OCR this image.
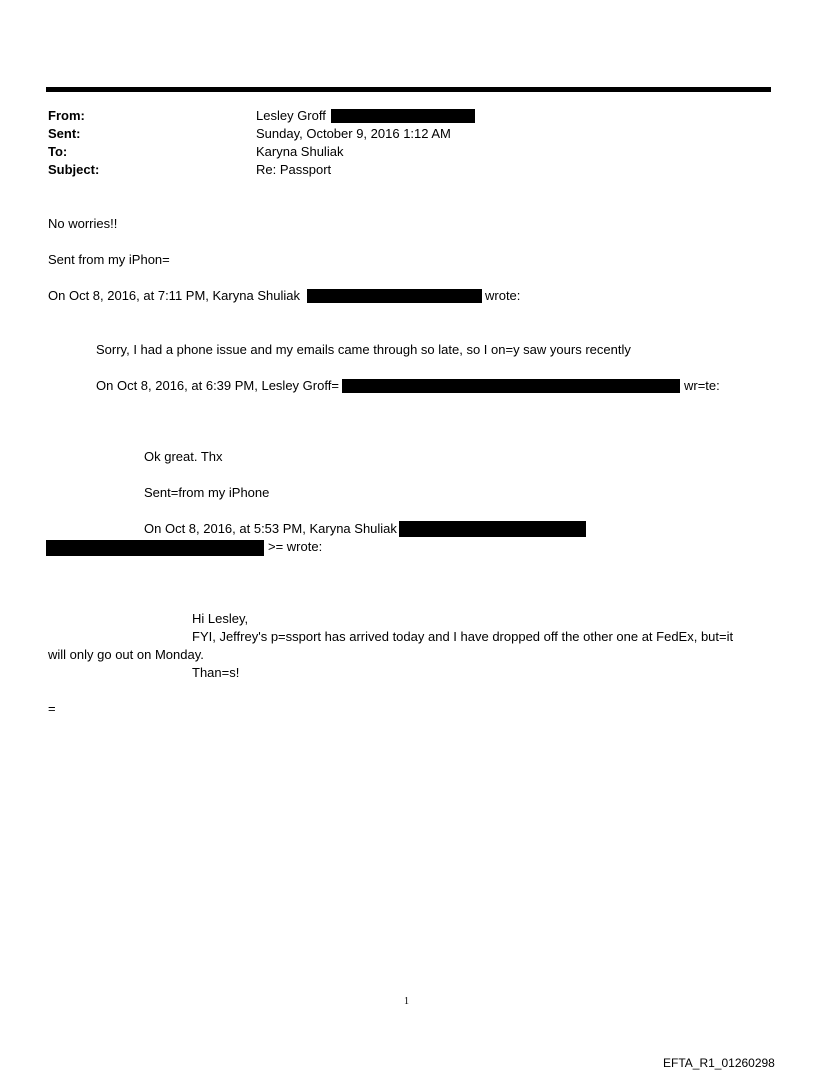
From:	Lesley Groff
Sent:	Sunday, October 9, 2016 1:12 AM
To:	Karyna Shuliak
Subject:	Re: Passport
No worries!!
Sent from my iPhon=
On Oct 8, 2016, at 7:11 PM, Karyna Shuliak	wrote:
Sorry, I had a phone issue and my emails came through so late, so I on=y saw yours recently
On Oct 8, 2016, at 6:39 PM, Lesley Groff=	wr=te:
Ok great. Thx
Sent=from my iPhone
On Oct 8, 2016, at 5:53 PM, Karyna Shuliak
>= wrote:
Hi Lesley,
FYI, Jeffrey's p=ssport has arrived today and I have dropped off the other one at FedEx, but=it
will only go out on Monday.
Than=s!
=
1
EFTA_R1_01260298
